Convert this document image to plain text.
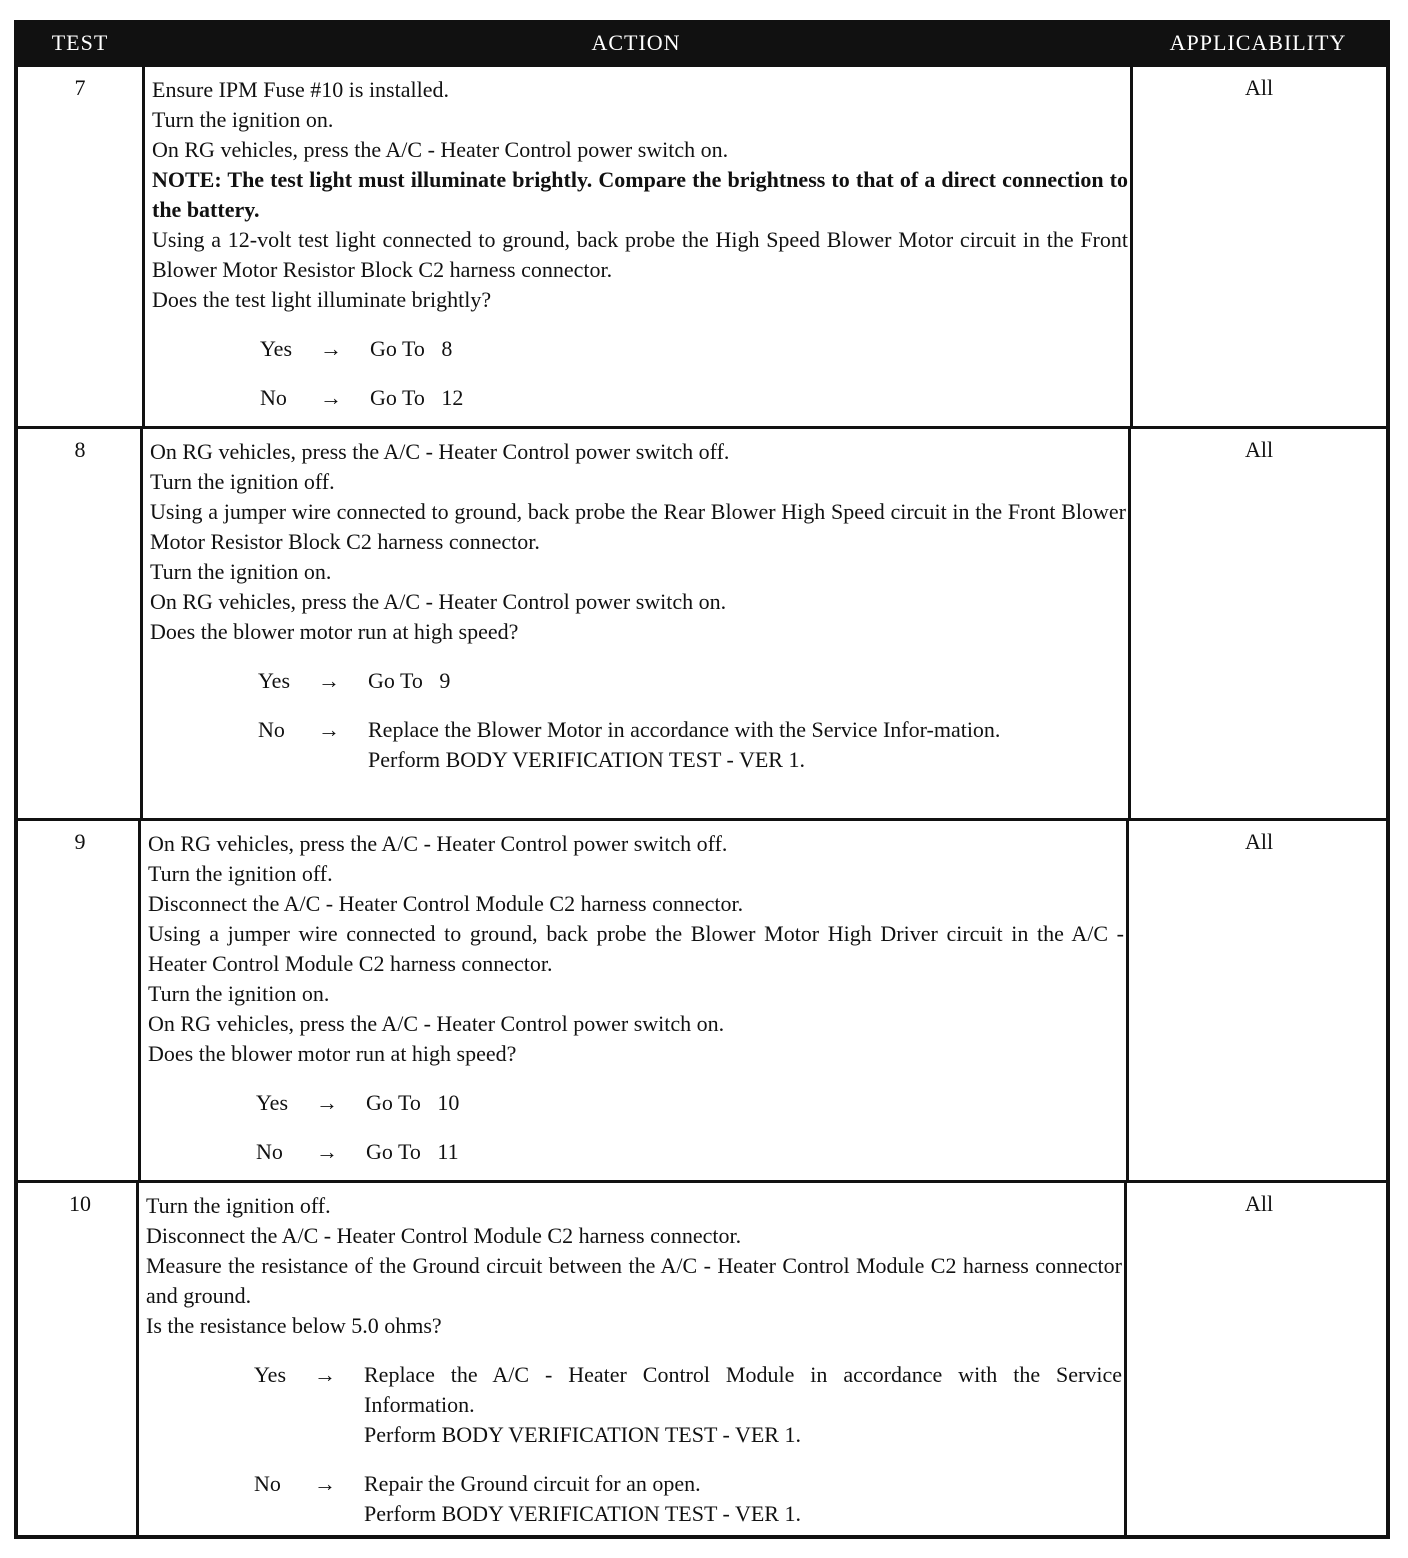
TEST	ACTION	APPLICABILITY
7	Ensure IPM Fuse #10 is installed.
Turn the ignition on.
On RG vehicles, press the A/C - Heater Control power switch on.
NOTE: The test light must illuminate brightly. Compare the brightness to that of a direct connection to the battery.
Using a 12-volt test light connected to ground, back probe the High Speed Blower Motor circuit in the Front Blower Motor Resistor Block C2 harness connector.
Does the test light illuminate brightly?
Yes → Go To   8
No → Go To   12
All
8	On RG vehicles, press the A/C - Heater Control power switch off.
Turn the ignition off.
Using a jumper wire connected to ground, back probe the Rear Blower High Speed circuit in the Front Blower Motor Resistor Block C2 harness connector.
Turn the ignition on.
On RG vehicles, press the A/C - Heater Control power switch on.
Does the blower motor run at high speed?
Yes → Go To   9
No → Replace the Blower Motor in accordance with the Service Infor-mation.
Perform BODY VERIFICATION TEST - VER 1.
All
9	On RG vehicles, press the A/C - Heater Control power switch off.
Turn the ignition off.
Disconnect the A/C - Heater Control Module C2 harness connector.
Using a jumper wire connected to ground, back probe the Blower Motor High Driver circuit in the A/C - Heater Control Module C2 harness connector.
Turn the ignition on.
On RG vehicles, press the A/C - Heater Control power switch on.
Does the blower motor run at high speed?
Yes → Go To   10
No → Go To   11
All
10	Turn the ignition off.
Disconnect the A/C - Heater Control Module C2 harness connector.
Measure the resistance of the Ground circuit between the A/C - Heater Control Module C2 harness connector and ground.
Is the resistance below 5.0 ohms?
Yes → Replace the A/C - Heater Control Module in accordance with the Service Information.
Perform BODY VERIFICATION TEST - VER 1.
No → Repair the Ground circuit for an open.
Perform BODY VERIFICATION TEST - VER 1.
All
